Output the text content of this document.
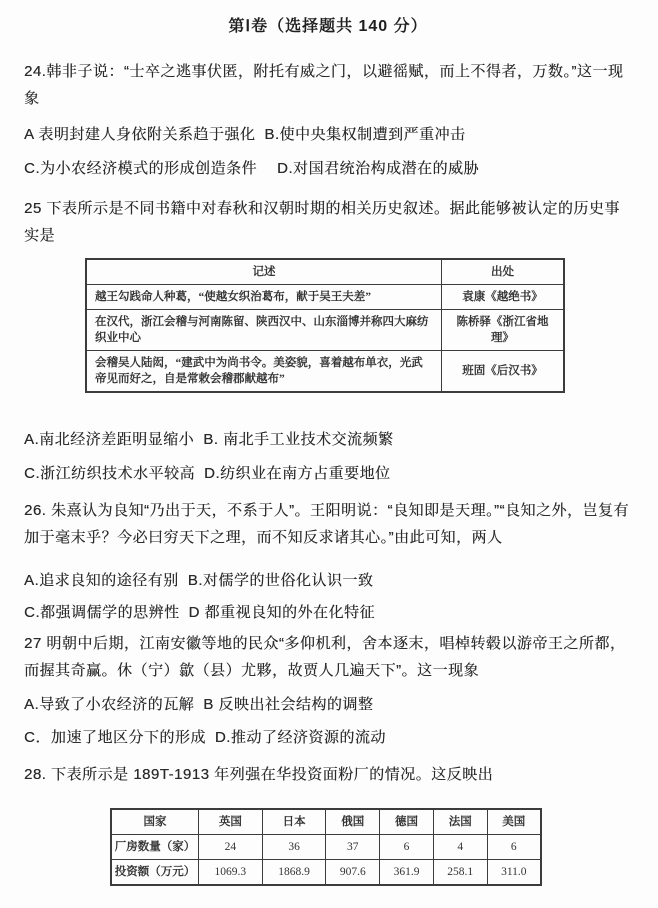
第Ⅰ卷（选择题共 140 分）

24.韩非子说：“士卒之逃事伏匿，附托有威之门，以避徭赋，而上不得者，万数。”这一现象

A 表明封建人身依附关系趋于强化 B.使中央集权制遭到严重冲击

C.为小农经济模式的形成创造条件 D.对国君统治构成潜在的威胁

25 下表所示是不同书籍中对春秋和汉朝时期的相关历史叙述。据此能够被认定的历史事实是

记述	出处
越王勾践命人种葛，“使越女织治葛布，献于吴王夫差”	袁康《越绝书》
在汉代，浙江会稽与河南陈留、陕西汉中、山东淄博并称四大麻纺织业中心	陈桥驿《浙江省地理》
会稽吴人陆闳，“建武中为尚书令。美姿貌，喜着越布单衣，光武帝见而好之，自是常敕会稽郡献越布”	班固《后汉书》

A.南北经济差距明显缩小 B. 南北手工业技术交流频繁

C.浙江纺织技术水平较高 D.纺织业在南方占重要地位

26. 朱熹认为良知“乃出于天，不系于人”。王阳明说：“良知即是天理。”“良知之外，岂复有加于毫末乎？今必曰穷天下之理，而不知反求诸其心。”由此可知，两人

A.追求良知的途径有别 B.对儒学的世俗化认识一致

C.都强调儒学的思辨性 D 都重视良知的外在化特征

27 明朝中后期，江南安徽等地的民众“多仰机利，舍本逐末，唱棹转毂以游帝王之所都，而握其奇赢。休（宁）歙（县）尤夥，故贾人几遍天下”。这一现象

A.导致了小农经济的瓦解 B 反映出社会结构的调整

C．加速了地区分下的形成 D.推动了经济资源的流动

28. 下表所示是 189T-1913 年列强在华投资面粉厂的情况。这反映出

国家	英国	日本	俄国	德国	法国	美国
厂房数量（家）	24	36	37	6	4	6
投资额（万元）	1069.3	1868.9	907.6	361.9	258.1	311.0
